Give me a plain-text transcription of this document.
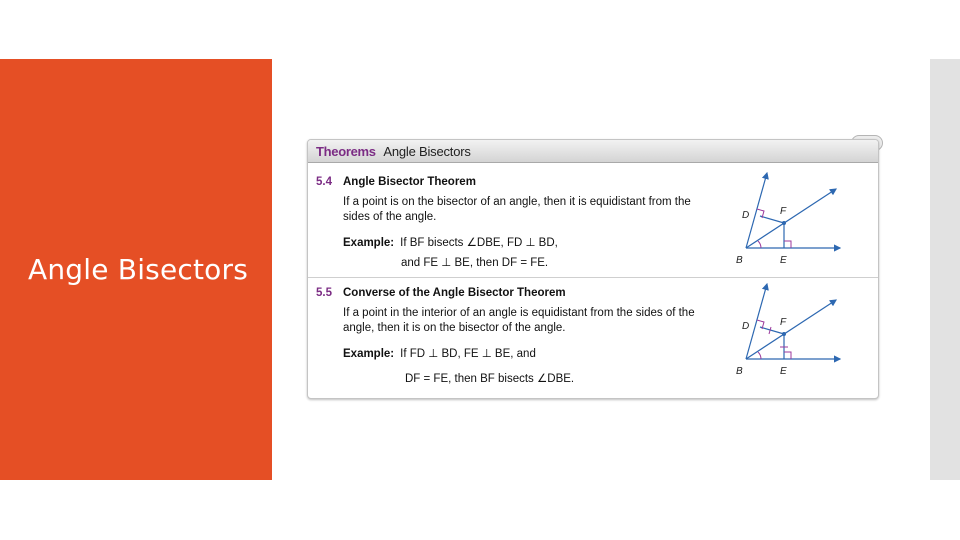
Angle Bisectors
Theorems Angle Bisectors
5.4 Angle Bisector Theorem
If a point is on the bisector of an angle, then it is equidistant from the sides of the angle.
Example: If BF bisects ∠DBE, FD ⊥ BD,
and FE ⊥ BE, then DF = FE.
D	F
B	E
5.5 Converse of the Angle Bisector Theorem
If a point in the interior of an angle is equidistant from the sides of the angle, then it is on the bisector of the angle.
Example: If FD ⊥ BD, FE ⊥ BE, and
DF = FE, then BF bisects ∠DBE.
D	F
B	E
